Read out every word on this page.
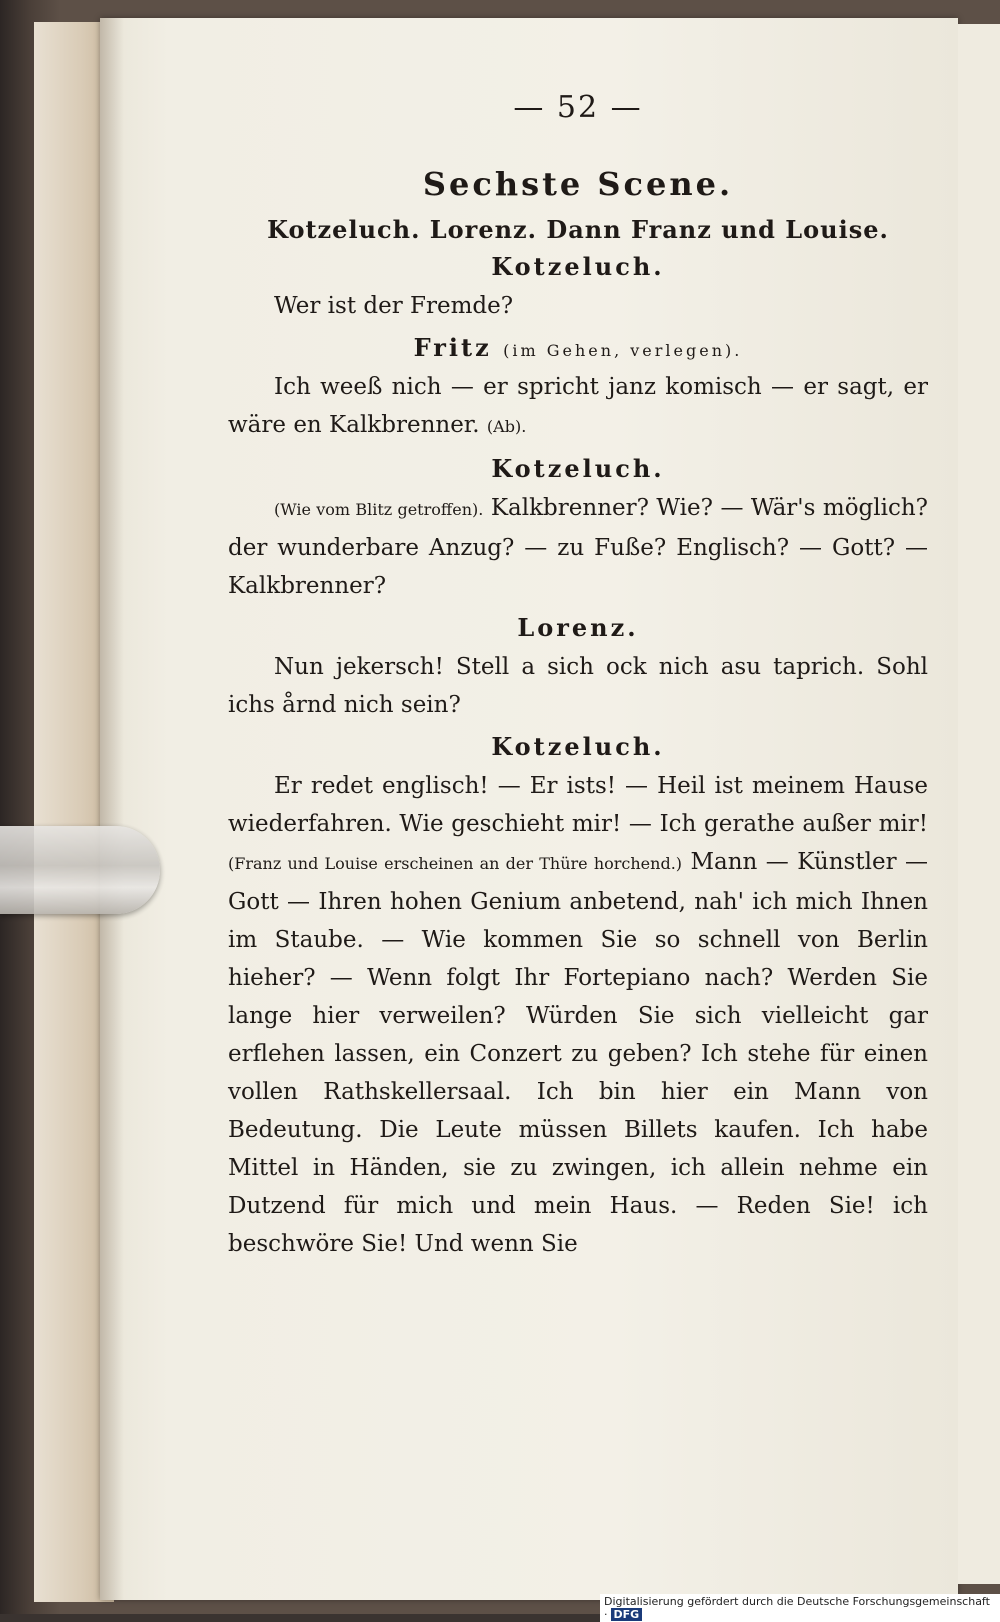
— 52 —
Sechste Scene.
Kotzeluch. Lorenz. Dann Franz und Louise.
Kotzeluch.
Wer ist der Fremde?
Fritz (im Gehen, verlegen).
Ich weeß nich — er spricht janz komisch — er sagt, er wäre en Kalkbrenner. (Ab).
Kotzeluch.
(Wie vom Blitz getroffen). Kalkbrenner? Wie? — Wär's möglich? der wunderbare Anzug? — zu Fuße? Englisch? — Gott? — Kalkbrenner?
Lorenz.
Nun jekersch! Stell a sich ock nich asu taprich. Sohl ichs årnd nich sein?
Kotzeluch.
Er redet englisch! — Er ists! — Heil ist meinem Hause wiederfahren. Wie geschieht mir! — Ich gerathe außer mir! (Franz und Louise erscheinen an der Thüre horchend.) Mann — Künstler — Gott — Ihren hohen Genium anbetend, nah' ich mich Ihnen im Staube. — Wie kommen Sie so schnell von Berlin hieher? — Wenn folgt Ihr Fortepiano nach? Werden Sie lange hier verweilen? Würden Sie sich vielleicht gar erflehen lassen, ein Conzert zu geben? Ich stehe für einen vollen Rathskellersaal. Ich bin hier ein Mann von Bedeutung. Die Leute müssen Billets kaufen. Ich habe Mittel in Händen, sie zu zwingen, ich allein nehme ein Dutzend für mich und mein Haus. — Reden Sie! ich beschwöre Sie! Und wenn Sie
Digitalisierung gefördert durch die Deutsche Forschungsgemeinschaft · DFG
